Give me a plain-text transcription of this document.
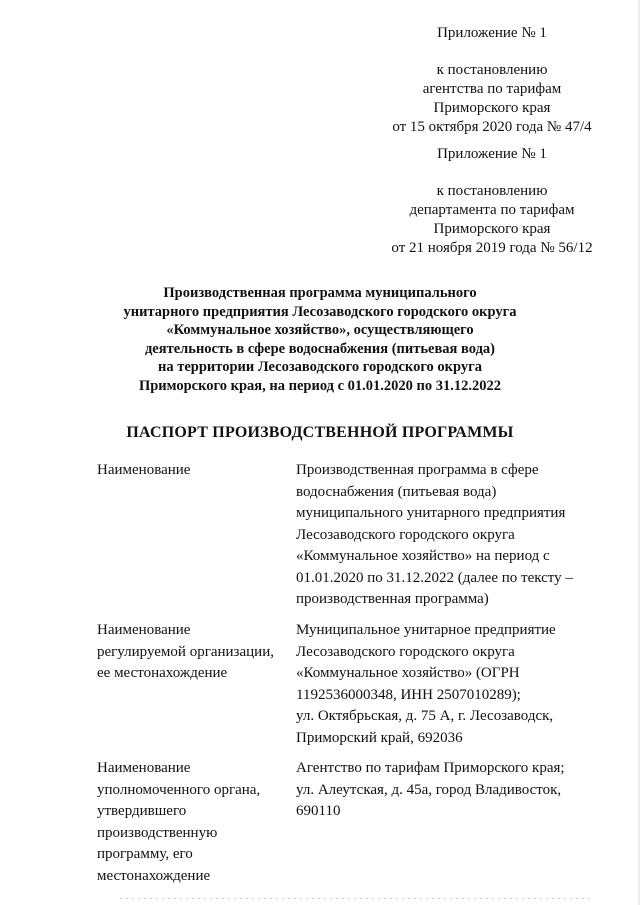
Приложение № 1
к постановлению
агентства по тарифам
Приморского края
от 15 октября 2020 года № 47/4
Приложение № 1
к постановлению
департамента по тарифам
Приморского края
от 21 ноября 2019 года № 56/12
Производственная программа муниципального
унитарного предприятия Лесозаводского городского округа
«Коммунальное хозяйство», осуществляющего
деятельность в сфере водоснабжения (питьевая вода)
на территории Лесозаводского городского округа
Приморского края, на период с 01.01.2020 по 31.12.2022
ПАСПОРТ ПРОИЗВОДСТВЕННОЙ ПРОГРАММЫ
Наименование	Производственная программа в сфере
водоснабжения (питьевая вода)
муниципального унитарного предприятия
Лесозаводского городского округа
«Коммунальное хозяйство» на период с
01.01.2020 по 31.12.2022 (далее по тексту –
производственная программа)
Наименование
регулируемой организации,
ее местонахождение
Муниципальное унитарное предприятие
Лесозаводского городского округа
«Коммунальное хозяйство» (ОГРН
1192536000348, ИНН 2507010289);
ул. Октябрьская, д. 75 А, г. Лесозаводск,
Приморский край, 692036
Наименование
уполномоченного органа,
утвердившего
производственную
программу, его
местонахождение
Агентство по тарифам Приморского края;
ул. Алеутская, д. 45а, город Владивосток,
690110
